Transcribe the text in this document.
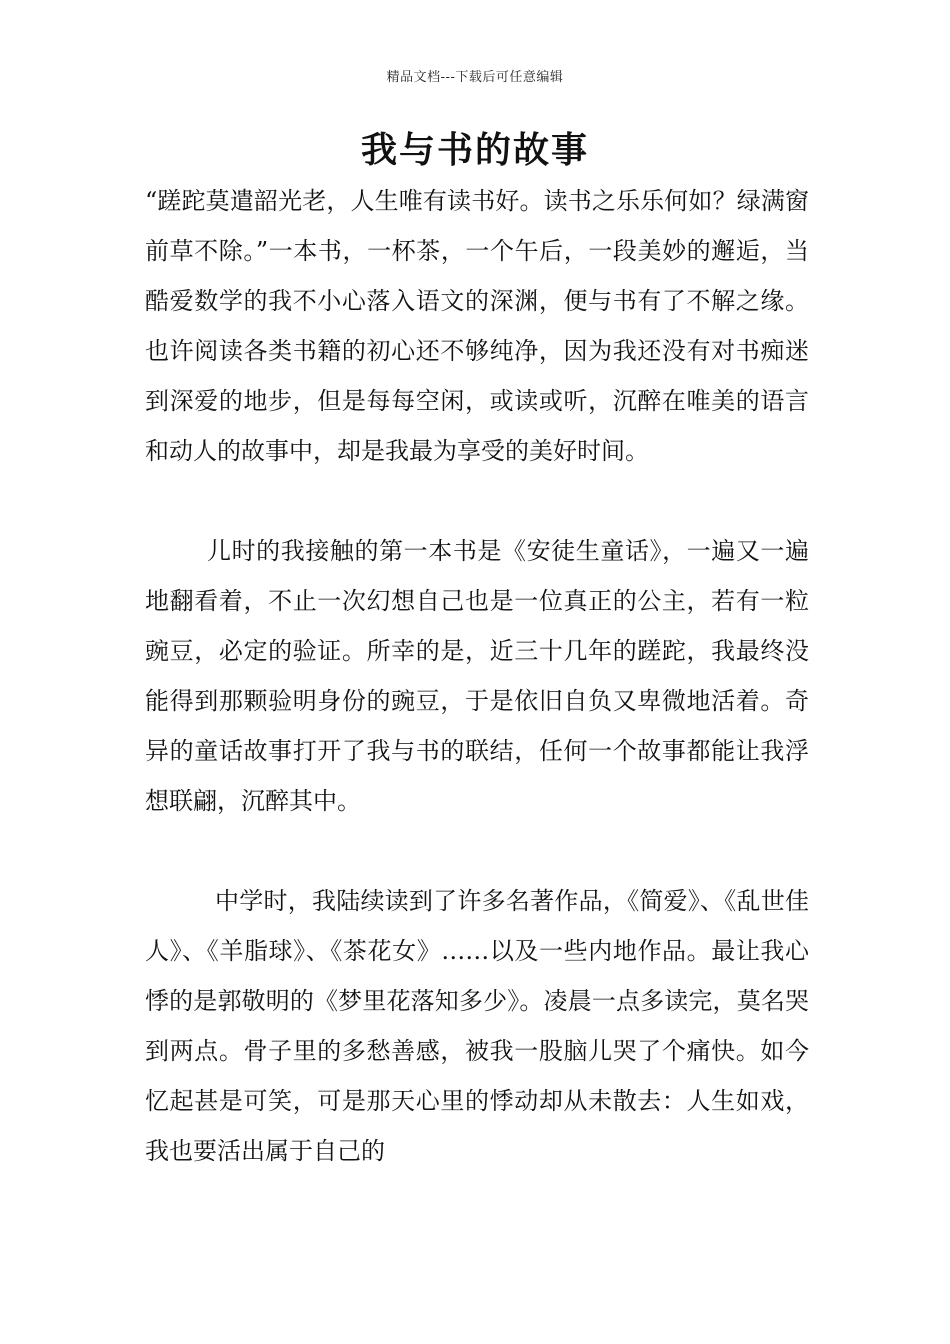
精品文档---下载后可任意编辑
我与书的故事

“蹉跎莫遣韶光老，人生唯有读书好。读书之乐乐何如？绿满窗前草不除。”一本书，一杯茶，一个午后，一段美妙的邂逅，当酷爱数学的我不小心落入语文的深渊，便与书有了不解之缘。也许阅读各类书籍的初心还不够纯净，因为我还没有对书痴迷到深爱的地步，但是每每空闲，或读或听，沉醉在唯美的语言和动人的故事中，却是我最为享受的美好时间。

儿时的我接触的第一本书是《安徒生童话》，一遍又一遍地翻看着，不止一次幻想自己也是一位真正的公主，若有一粒豌豆，必定的验证。所幸的是，近三十几年的蹉跎，我最终没能得到那颗验明身份的豌豆，于是依旧自负又卑微地活着。奇异的童话故事打开了我与书的联结，任何一个故事都能让我浮想联翩，沉醉其中。

中学时，我陆续读到了许多名著作品，《简爱》、《乱世佳人》、《羊脂球》、《茶花女》……以及一些内地作品。最让我心悸的是郭敬明的《梦里花落知多少》。凌晨一点多读完，莫名哭到两点。骨子里的多愁善感，被我一股脑儿哭了个痛快。如今忆起甚是可笑，可是那天心里的悸动却从未散去：人生如戏，我也要活出属于自己的
